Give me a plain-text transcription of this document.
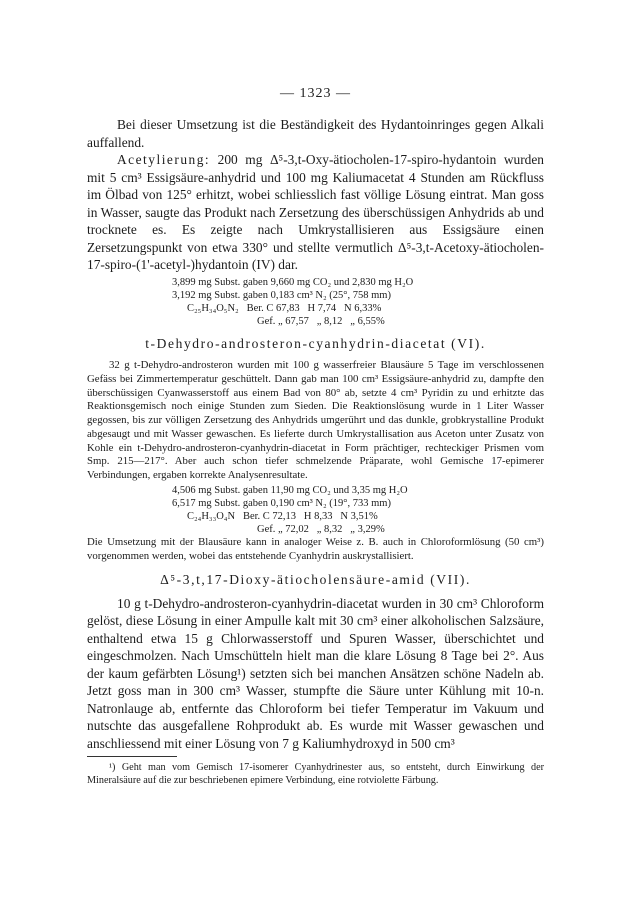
— 1323 —

Bei dieser Umsetzung ist die Beständigkeit des Hydantoinringes gegen Alkali auffallend.

Acetylierung: 200 mg Δ⁵-3,t-Oxy-ätiocholen-17-spiro-hydantoin wurden mit 5 cm³ Essigsäure-anhydrid und 100 mg Kaliumacetat 4 Stunden am Rückfluss im Ölbad von 125° erhitzt, wobei schliesslich fast völlige Lösung eintrat. Man goss in Wasser, saugte das Produkt nach Zersetzung des überschüssigen Anhydrids ab und trocknete es. Es zeigte nach Umkrystallisieren aus Essigsäure einen Zersetzungspunkt von etwa 330° und stellte vermutlich Δ⁵-3,t-Acetoxy-ätiocholen-17-spiro-(1'-acetyl-)hydantoin (IV) dar.

3,899 mg Subst. gaben 9,660 mg CO₂ und 2,830 mg H₂O
3,192 mg Subst. gaben 0,183 cm³ N₂ (25°, 758 mm)
C₂₅H₃₄O₅N₂ Ber. C 67,83   H 7,74   N 6,33%
Gef. „ 67,57   „ 8,12   „ 6,55%
t-Dehydro-androsteron-cyanhydrin-diacetat (VI).

32 g t-Dehydro-androsteron wurden mit 100 g wasserfreier Blausäure 5 Tage im verschlossenen Gefäss bei Zimmertemperatur geschüttelt. Dann gab man 100 cm³ Essigsäure-anhydrid zu, dampfte den überschüssigen Cyanwasserstoff aus einem Bad von 80° ab, setzte 4 cm³ Pyridin zu und erhitzte das Reaktionsgemisch noch einige Stunden zum Sieden. Die Reaktionslösung wurde in 1 Liter Wasser gegossen, bis zur völligen Zersetzung des Anhydrids umgerührt und das dunkle, grobkrystalline Produkt abgesaugt und mit Wasser gewaschen. Es lieferte durch Umkrystallisation aus Aceton unter Zusatz von Kohle ein t-Dehydro-androsteron-cyanhydrin-diacetat in Form prächtiger, rechteckiger Prismen vom Smp. 215—217°. Aber auch schon tiefer schmelzende Präparate, wohl Gemische 17-epimerer Verbindungen, ergaben korrekte Analysenresultate.

4,506 mg Subst. gaben 11,90 mg CO₂ und 3,35 mg H₂O
6,517 mg Subst. gaben 0,190 cm³ N₂ (19°, 733 mm)
C₂₄H₃₃O₄N Ber. C 72,13   H 8,33   N 3,51%
Gef. „ 72,02   „ 8,32   „ 3,29%

Die Umsetzung mit der Blausäure kann in analoger Weise z. B. auch in Chloroformlösung (50 cm³) vorgenommen werden, wobei das entstehende Cyanhydrin auskrystallisiert.

Δ⁵-3,t,17-Dioxy-ätiocholensäure-amid (VII).

10 g t-Dehydro-androsteron-cyanhydrin-diacetat wurden in 30 cm³ Chloroform gelöst, diese Lösung in einer Ampulle kalt mit 30 cm³ einer alkoholischen Salzsäure, enthaltend etwa 15 g Chlorwasserstoff und Spuren Wasser, überschichtet und eingeschmolzen. Nach Umschütteln hielt man die klare Lösung 8 Tage bei 2°. Aus der kaum gefärbten Lösung¹) setzten sich bei manchen Ansätzen schöne Nadeln ab. Jetzt goss man in 300 cm³ Wasser, stumpfte die Säure unter Kühlung mit 10-n. Natronlauge ab, entfernte das Chloroform bei tiefer Temperatur im Vakuum und nutschte das ausgefallene Rohprodukt ab. Es wurde mit Wasser gewaschen und anschliessend mit einer Lösung von 7 g Kaliumhydroxyd in 500 cm³

¹) Geht man vom Gemisch 17-isomerer Cyanhydrinester aus, so entsteht, durch Einwirkung der Mineralsäure auf die zur beschriebenen epimere Verbindung, eine rotviolette Färbung.
